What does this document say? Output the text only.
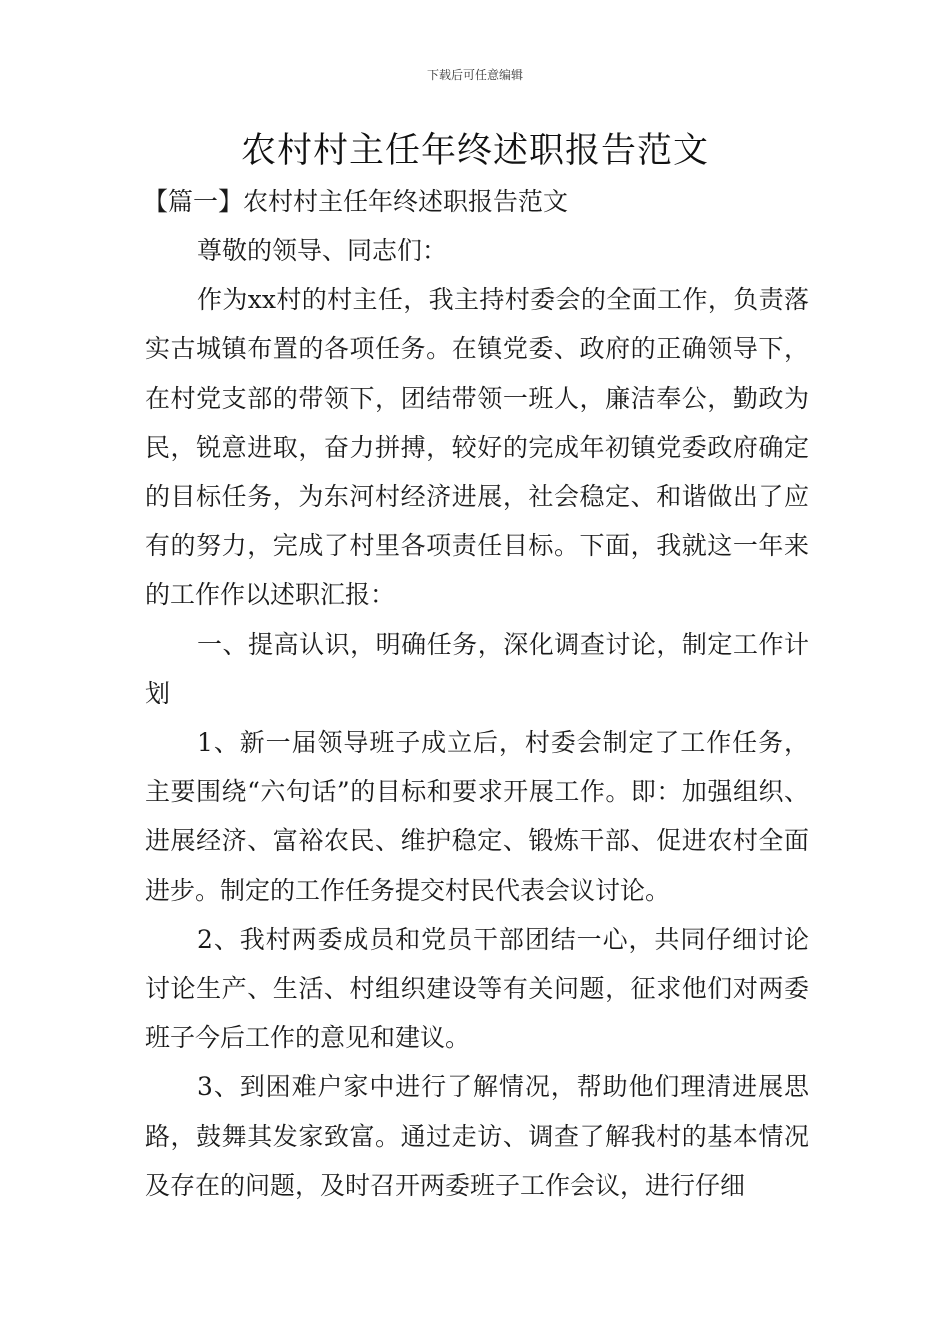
下载后可任意编辑
农村村主任年终述职报告范文
【篇一】农村村主任年终述职报告范文

尊敬的领导、同志们：

作为xx村的村主任，我主持村委会的全面工作，负责落实古城镇布置的各项任务。在镇党委、政府的正确领导下，在村党支部的带领下，团结带领一班人，廉洁奉公，勤政为民，锐意进取，奋力拼搏，较好的完成年初镇党委政府确定的目标任务，为东河村经济进展，社会稳定、和谐做出了应有的努力，完成了村里各项责任目标。下面，我就这一年来的工作作以述职汇报：

一、提高认识，明确任务，深化调查讨论，制定工作计划

1、新一届领导班子成立后，村委会制定了工作任务，主要围绕“六句话”的目标和要求开展工作。即：加强组织、进展经济、富裕农民、维护稳定、锻炼干部、促进农村全面进步。制定的工作任务提交村民代表会议讨论。

2、我村两委成员和党员干部团结一心，共同仔细讨论讨论生产、生活、村组织建设等有关问题，征求他们对两委班子今后工作的意见和建议。

3、到困难户家中进行了解情况，帮助他们理清进展思路，鼓舞其发家致富。通过走访、调查了解我村的基本情况及存在的问题，及时召开两委班子工作会议，进行仔细
